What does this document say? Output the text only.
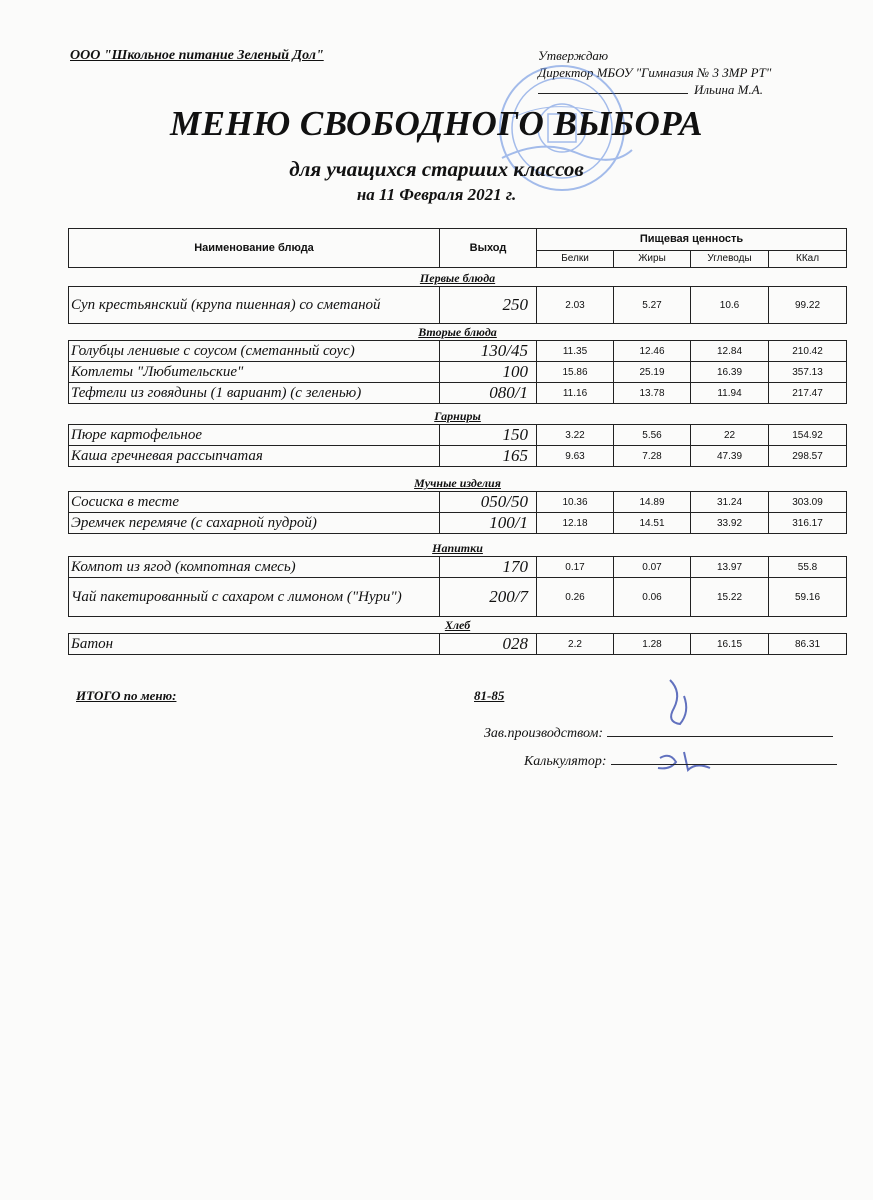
ООО "Школьное питание Зеленый Дол"	Утверждаю
Директор МБОУ "Гимназия № 3 ЗМР РТ"
Ильина М.А.
МЕНЮ СВОБОДНОГО ВЫБОРА
для учащихся старших классов
на 11 Февраля 2021 г.
Наименование блюда	Выход	Пищевая ценность			
		Белки	Жиры	Углеводы	ККал
Первые блюда					
Суп крестьянский (крупа пшенная) со сметаной	250	2.03	5.27	10.6	99.22
Вторые блюда					
Голубцы ленивые с соусом (сметанный соус)	130/45	11.35	12.46	12.84	210.42
Котлеты "Любительские"	100	15.86	25.19	16.39	357.13
Тефтели из говядины (1 вариант) (с зеленью)	080/1	11.16	13.78	11.94	217.47
Гарниры					
Пюре картофельное	150	3.22	5.56	22	154.92
Каша гречневая рассыпчатая	165	9.63	7.28	47.39	298.57
Мучные изделия					
Сосиска в тесте	050/50	10.36	14.89	31.24	303.09
Эремчек перемяче (с сахарной пудрой)	100/1	12.18	14.51	33.92	316.17
Напитки					
Компот из ягод (компотная смесь)	170	0.17	0.07	13.97	55.8
Чай пакетированный с сахаром с лимоном ("Нури")	200/7	0.26	0.06	15.22	59.16
Хлеб					
Батон	028	2.2	1.28	16.15	86.31
ИТОГО по меню:	81-85
Зав.производством:
Калькулятор:
